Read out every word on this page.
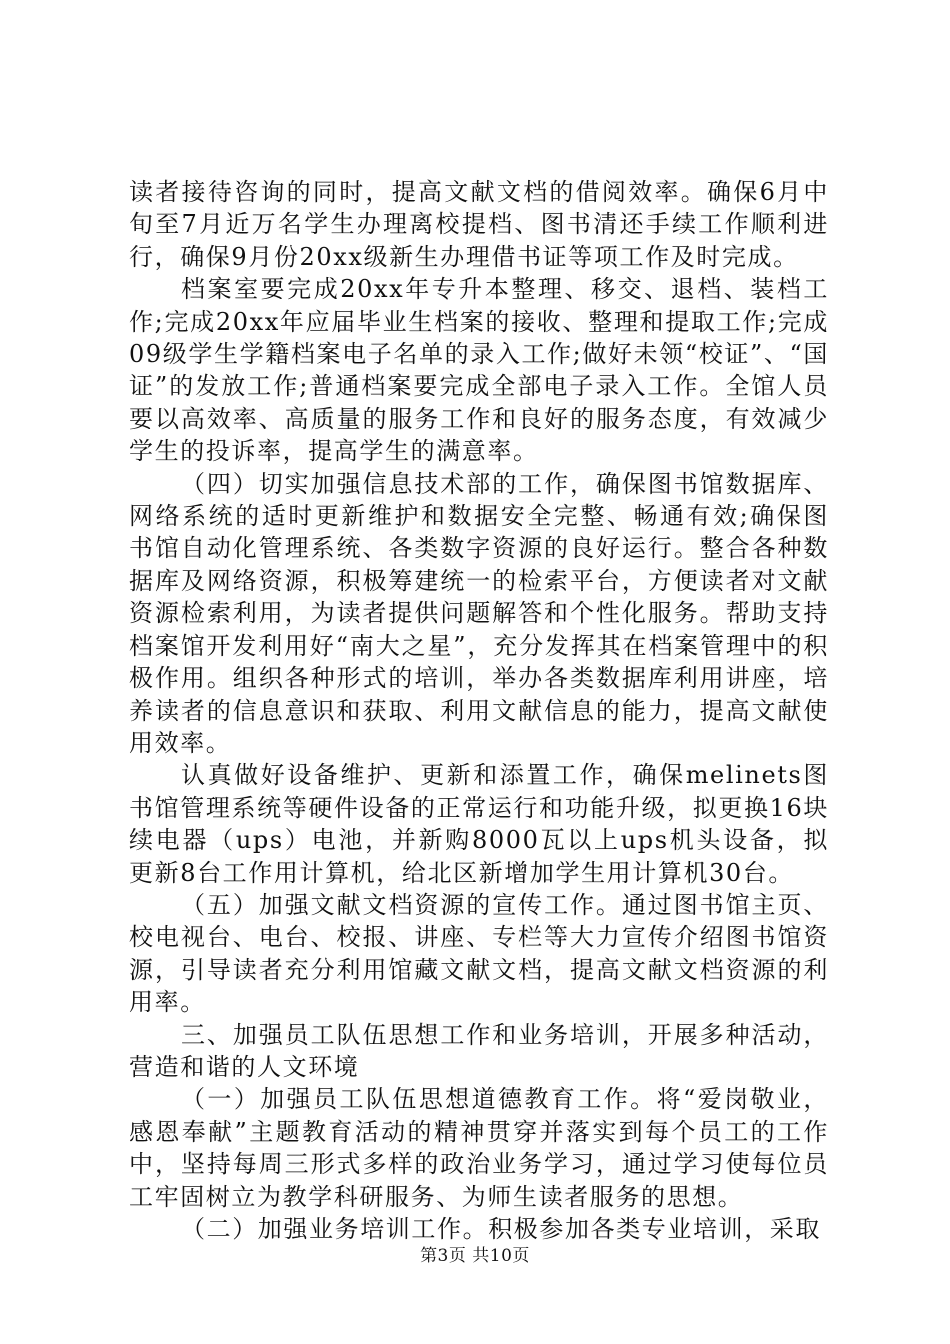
读者接待咨询的同时，提高文献文档的借阅效率。确保6月中旬至7月近万名学生办理离校提档、图书清还手续工作顺利进行，确保9月份20xx级新生办理借书证等项工作及时完成。

档案室要完成20xx年专升本整理、移交、退档、装档工作;完成20xx年应届毕业生档案的接收、整理和提取工作;完成09级学生学籍档案电子名单的录入工作;做好未领“校证”、“国证”的发放工作;普通档案要完成全部电子录入工作。全馆人员要以高效率、高质量的服务工作和良好的服务态度，有效减少学生的投诉率，提高学生的满意率。

（四）切实加强信息技术部的工作，确保图书馆数据库、网络系统的适时更新维护和数据安全完整、畅通有效;确保图书馆自动化管理系统、各类数字资源的良好运行。整合各种数据库及网络资源，积极筹建统一的检索平台，方便读者对文献资源检索利用，为读者提供问题解答和个性化服务。帮助支持档案馆开发利用好“南大之星”，充分发挥其在档案管理中的积极作用。组织各种形式的培训，举办各类数据库利用讲座，培养读者的信息意识和获取、利用文献信息的能力，提高文献使用效率。

认真做好设备维护、更新和添置工作，确保melinets图书馆管理系统等硬件设备的正常运行和功能升级，拟更换16块续电器（ups）电池，并新购8000瓦以上ups机头设备，拟更新8台工作用计算机，给北区新增加学生用计算机30台。

（五）加强文献文档资源的宣传工作。通过图书馆主页、校电视台、电台、校报、讲座、专栏等大力宣传介绍图书馆资源，引导读者充分利用馆藏文献文档，提高文献文档资源的利用率。

三、加强员工队伍思想工作和业务培训，开展多种活动，营造和谐的人文环境

（一）加强员工队伍思想道德教育工作。将“爱岗敬业，感恩奉献”主题教育活动的精神贯穿并落实到每个员工的工作中，坚持每周三形式多样的政治业务学习，通过学习使每位员工牢固树立为教学科研服务、为师生读者服务的思想。

（二）加强业务培训工作。积极参加各类专业培训，采取

第3页 共10页
